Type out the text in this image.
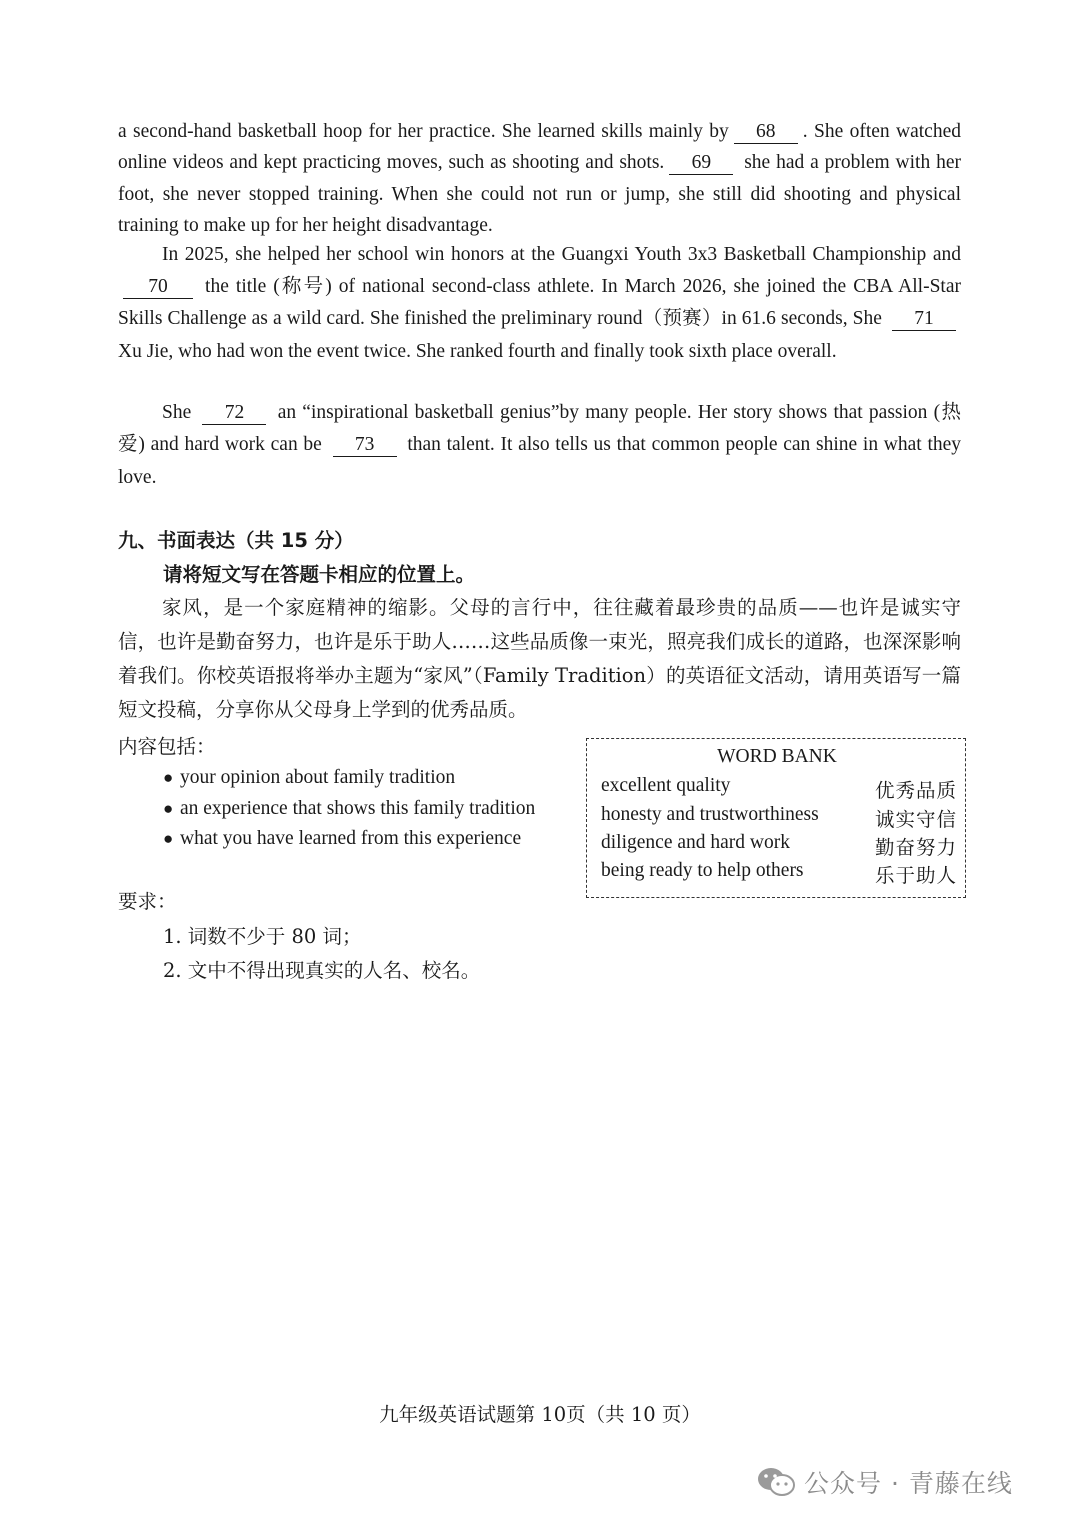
a second-hand basketball hoop for her practice. She learned skills mainly by 68 . She often watched online videos and kept practicing moves, such as shooting and shots. 69 she had a problem with her foot, she never stopped training. When she could not run or jump, she still did shooting and physical training to make up for her height disadvantage.
In 2025, she helped her school win honors at the Guangxi Youth 3x3 Basketball Championship and 70 the title (称号) of national second-class athlete. In March 2026, she joined the CBA All-Star Skills Challenge as a wild card. She finished the preliminary round（预赛）in 61.6 seconds, She 71 Xu Jie, who had won the event twice. She ranked fourth and finally took sixth place overall.
She 72 an “inspirational basketball genius”by many people. Her story shows that passion (热爱) and hard work can be 73 than talent. It also tells us that common people can shine in what they love.
九、书面表达（共 15 分）
请将短文写在答题卡相应的位置上。
家风，是一个家庭精神的缩影。父母的言行中，往往藏着最珍贵的品质——也许是诚实守信，也许是勤奋努力，也许是乐于助人……这些品质像一束光，照亮我们成长的道路，也深深影响着我们。你校英语报将举办主题为“家风”（Family Tradition）的英语征文活动，请用英语写一篇短文投稿，分享你从父母身上学到的优秀品质。
内容包括：
● your opinion about family tradition
● an experience that shows this family tradition
● what you have learned from this experience
WORD BANK
excellent quality	优秀品质
honesty and trustworthiness	诚实守信
diligence and hard work	勤奋努力
being ready to help others	乐于助人
要求：
1. 词数不少于 80 词；
2. 文中不得出现真实的人名、校名。
九年级英语试题第 10页（共 10 页）
公众号 · 青藤在线
